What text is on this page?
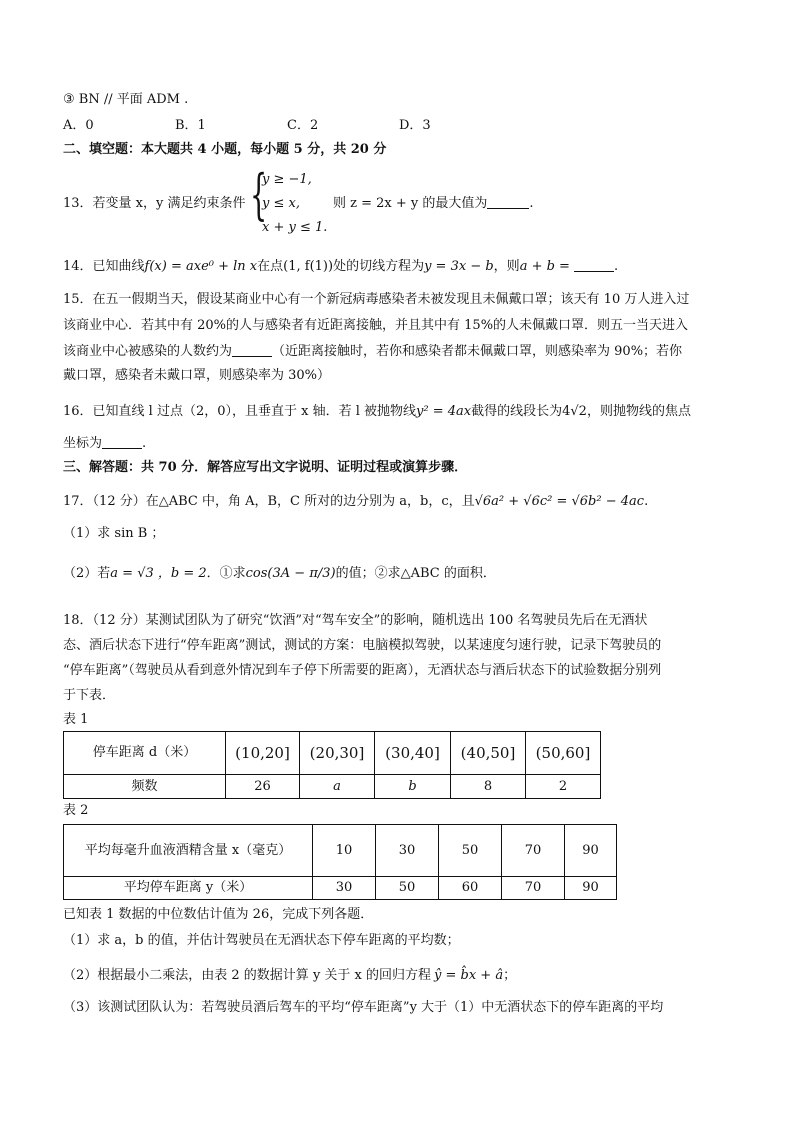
③ BN // 平面 ADM .
A．0	B．1	C．2	D．3
二、填空题：本大题共 4 小题，每小题 5 分，共 20 分
13．若变量 x，y 满足约束条件 {
y ≥ −1,
y ≤ x,
x + y ≤ 1.
则 z = 2x + y 的最大值为	.
14．已知曲线f(x) = axe⁰ + ln x在点(1, f(1))处的切线方程为y = 3x − b，则a + b =	.
15．在五一假期当天，假设某商业中心有一个新冠病毒感染者未被发现且未佩戴口罩；该天有 10 万人进入过
该商业中心．若其中有 20%的人与感染者有近距离接触，并且其中有 15%的人未佩戴口罩．则五一当天进入
该商业中心被感染的人数约为	（近距离接触时，若你和感染者都未佩戴口罩，则感染率为 90%；若你
戴口罩，感染者未戴口罩，则感染率为 30%）
16．已知直线 l 过点（2，0），且垂直于 x 轴．若 l 被抛物线y² = 4ax截得的线段长为4√2，则抛物线的焦点
坐标为	.
三、解答题：共 70 分．解答应写出文字说明、证明过程或演算步骤．
17．（12 分）在△ABC 中，角 A，B，C 所对的边分别为 a，b，c，且√6a² + √6c² = √6b² − 4ac.
（1）求 sin B ；
（2）若a = √3 ，b = 2．①求cos(3A − π/3)的值；②求△ABC 的面积．
18．（12 分）某测试团队为了研究“饮酒”对“驾车安全”的影响，随机选出 100 名驾驶员先后在无酒状
态、酒后状态下进行“停车距离”测试，测试的方案：电脑模拟驾驶，以某速度匀速行驶，记录下驾驶员的
“停车距离”（驾驶员从看到意外情况到车子停下所需要的距离），无酒状态与酒后状态下的试验数据分别列
于下表．
表 1
停车距离 d（米）	(10,20]	(20,30]	(30,40]	(40,50]	(50,60]
频数	26	a	b	8	2
表 2
平均每毫升血液酒精含量 x（毫克）	10	30	50	70	90
平均停车距离 y（米）	30	50	60	70	90
已知表 1 数据的中位数估计值为 26，完成下列各题．
（1）求 a，b 的值，并估计驾驶员在无酒状态下停车距离的平均数；
（2）根据最小二乘法，由表 2 的数据计算 y 关于 x 的回归方程 ŷ = b̂x + â；
（3）该测试团队认为：若驾驶员酒后驾车的平均“停车距离”y 大于（1）中无酒状态下的停车距离的平均
